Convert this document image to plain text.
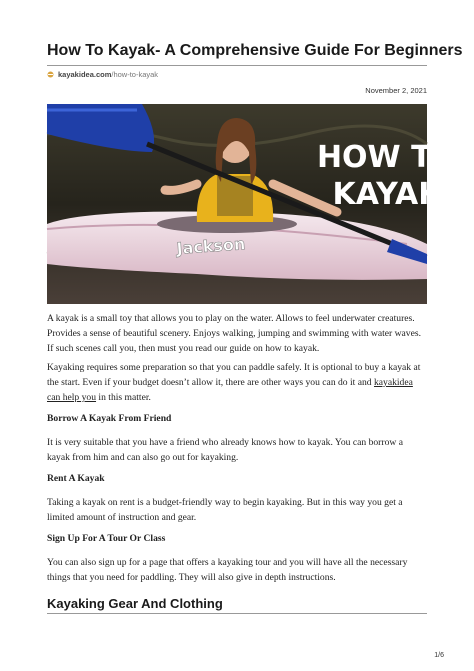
How To Kayak- A Comprehensive Guide For Beginners
kayakidea.com/how-to-kayak
November 2, 2021
Jackson
HOW TO
KAYAK
A kayak is a small toy that allows you to play on the water. Allows to feel underwater creatures. Provides a sense of beautiful scenery. Enjoys walking, jumping and swimming with water waves. If such scenes call you, then must you read our guide on how to kayak.
Kayaking requires some preparation so that you can paddle safely. It is optional to buy a kayak at the start. Even if your budget doesn’t allow it, there are other ways you can do it and kayakidea can help you in this matter.
Borrow A Kayak From Friend
It is very suitable that you have a friend who already knows how to kayak. You can borrow a kayak from him and can also go out for kayaking.
Rent A Kayak
Taking a kayak on rent is a budget-friendly way to begin kayaking. But in this way you get a limited amount of instruction and gear.
Sign Up For A Tour Or Class
You can also sign up for a page that offers a kayaking tour and you will have all the necessary things that you need for paddling. They will also give in depth instructions.
Kayaking Gear And Clothing
1/6
